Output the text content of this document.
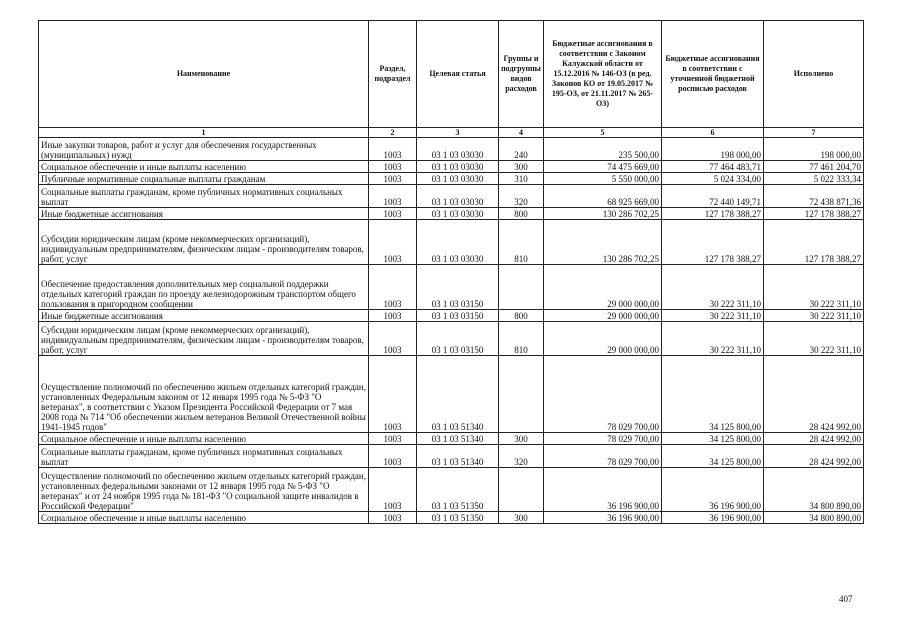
Наименование	Раздел, подраздел	Целевая статья	Группы и подгруппы видов расходов	Бюджетные ассигнования в соответствии с Законом Калужской области от 15.12.2016 № 146-ОЗ (в ред. Законов КО от 19.05.2017 № 195-ОЗ, от 21.11.2017 № 265-ОЗ)	Бюджетные ассигнования в соответствии с уточненной бюджетной росписью расходов	Исполнено
1	2	3	4	5	6	7
Иные закупки товаров, работ и услуг для обеспечения государственных (муниципальных) нужд	1003	03 1 03 03030	240	235 500,00	198 000,00	198 000,00
Социальное обеспечение и иные выплаты населению	1003	03 1 03 03030	300	74 475 669,00	77 464 483,71	77 461 204,70
Публичные нормативные социальные выплаты гражданам	1003	03 1 03 03030	310	5 550 000,00	5 024 334,00	5 022 333,34
Социальные выплаты гражданам, кроме публичных нормативных социальных выплат	1003	03 1 03 03030	320	68 925 669,00	72 440 149,71	72 438 871,36
Иные бюджетные ассигнования	1003	03 1 03 03030	800	130 286 702,25	127 178 388,27	127 178 388,27
Субсидии юридическим лицам (кроме некоммерческих организаций), индивидуальным предпринимателям, физическим лицам - производителям товаров, работ, услуг	1003	03 1 03 03030	810	130 286 702,25	127 178 388,27	127 178 388,27
Обеспечение предоставления дополнительных мер социальной поддержки отдельных категорий граждан по проезду железнодорожным транспортом общего пользования в пригородном сообщении	1003	03 1 03 03150		29 000 000,00	30 222 311,10	30 222 311,10
Иные бюджетные ассигнования	1003	03 1 03 03150	800	29 000 000,00	30 222 311,10	30 222 311,10
Субсидии юридическим лицам (кроме некоммерческих организаций), индивидуальным предпринимателям, физическим лицам - производителям товаров, работ, услуг	1003	03 1 03 03150	810	29 000 000,00	30 222 311,10	30 222 311,10
Осуществление полномочий по обеспечению жильем отдельных категорий граждан, установленных Федеральным законом от 12 января 1995 года № 5-ФЗ "О ветеранах", в соответствии с Указом Президента Российской Федерации от 7 мая 2008 года № 714 "Об обеспечении жильем ветеранов Великой Отечественной войны 1941-1945 годов"	1003	03 1 03 51340		78 029 700,00	34 125 800,00	28 424 992,00
Социальное обеспечение и иные выплаты населению	1003	03 1 03 51340	300	78 029 700,00	34 125 800,00	28 424 992,00
Социальные выплаты гражданам, кроме публичных нормативных социальных выплат	1003	03 1 03 51340	320	78 029 700,00	34 125 800,00	28 424 992,00
Осуществление полномочий по обеспечению жильем отдельных категорий граждан, установленных федеральными законами от 12 января 1995 года № 5-ФЗ "О ветеранах" и от 24 ноября 1995 года № 181-ФЗ "О социальной защите инвалидов в Российской Федерации"	1003	03 1 03 51350		36 196 900,00	36 196 900,00	34 800 890,00
Социальное обеспечение и иные выплаты населению	1003	03 1 03 51350	300	36 196 900,00	36 196 900,00	34 800 890,00
407
